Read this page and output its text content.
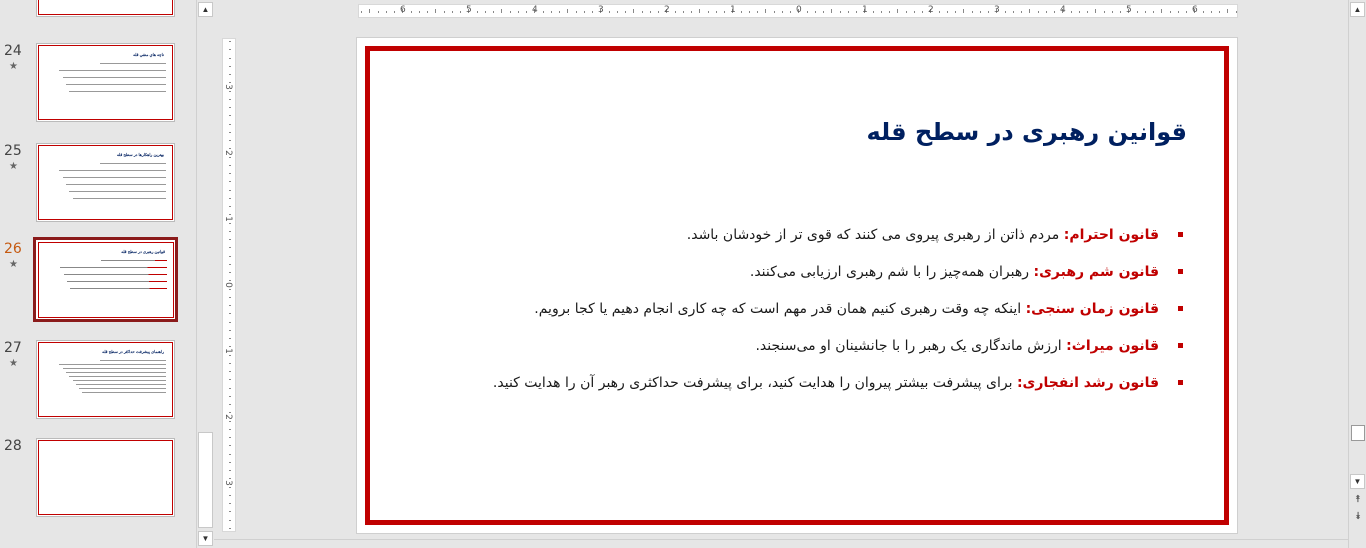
24
★
ناچه هاي منفي قله
25
★
بهترین راهکارها در سطح قله
26
★
قوانین رهبری در سطح قله
27
★
راهنمای پیشرفت حداکثر در سطح قله
28
▲
▼
6	5	4	3	2	1	0	1	2	3	4	5	6
3
2
1
0
1
2
3
قوانین رهبری در سطح قله
قانون احترام: مردم ذاتن از رهبری پیروی می کنند که قوی تر از خودشان باشد.
قانون شم رهبری: رهبران همه‌چیز را با شم رهبری ارزیابی می‌کنند.
قانون زمان سنجی: اینکه چه وقت رهبری کنیم همان قدر مهم است که چه کاری انجام دهیم یا کجا برویم.
قانون میراث: ارزش ماندگاری یک رهبر را با جانشینان او می‌سنجند.
قانون رشد انفجاری: برای پیشرفت بیشتر پیروان را هدایت کنید، برای پیشرفت حداکثری رهبر آن را هدایت کنید.
▲
▼
⯭
⯯
